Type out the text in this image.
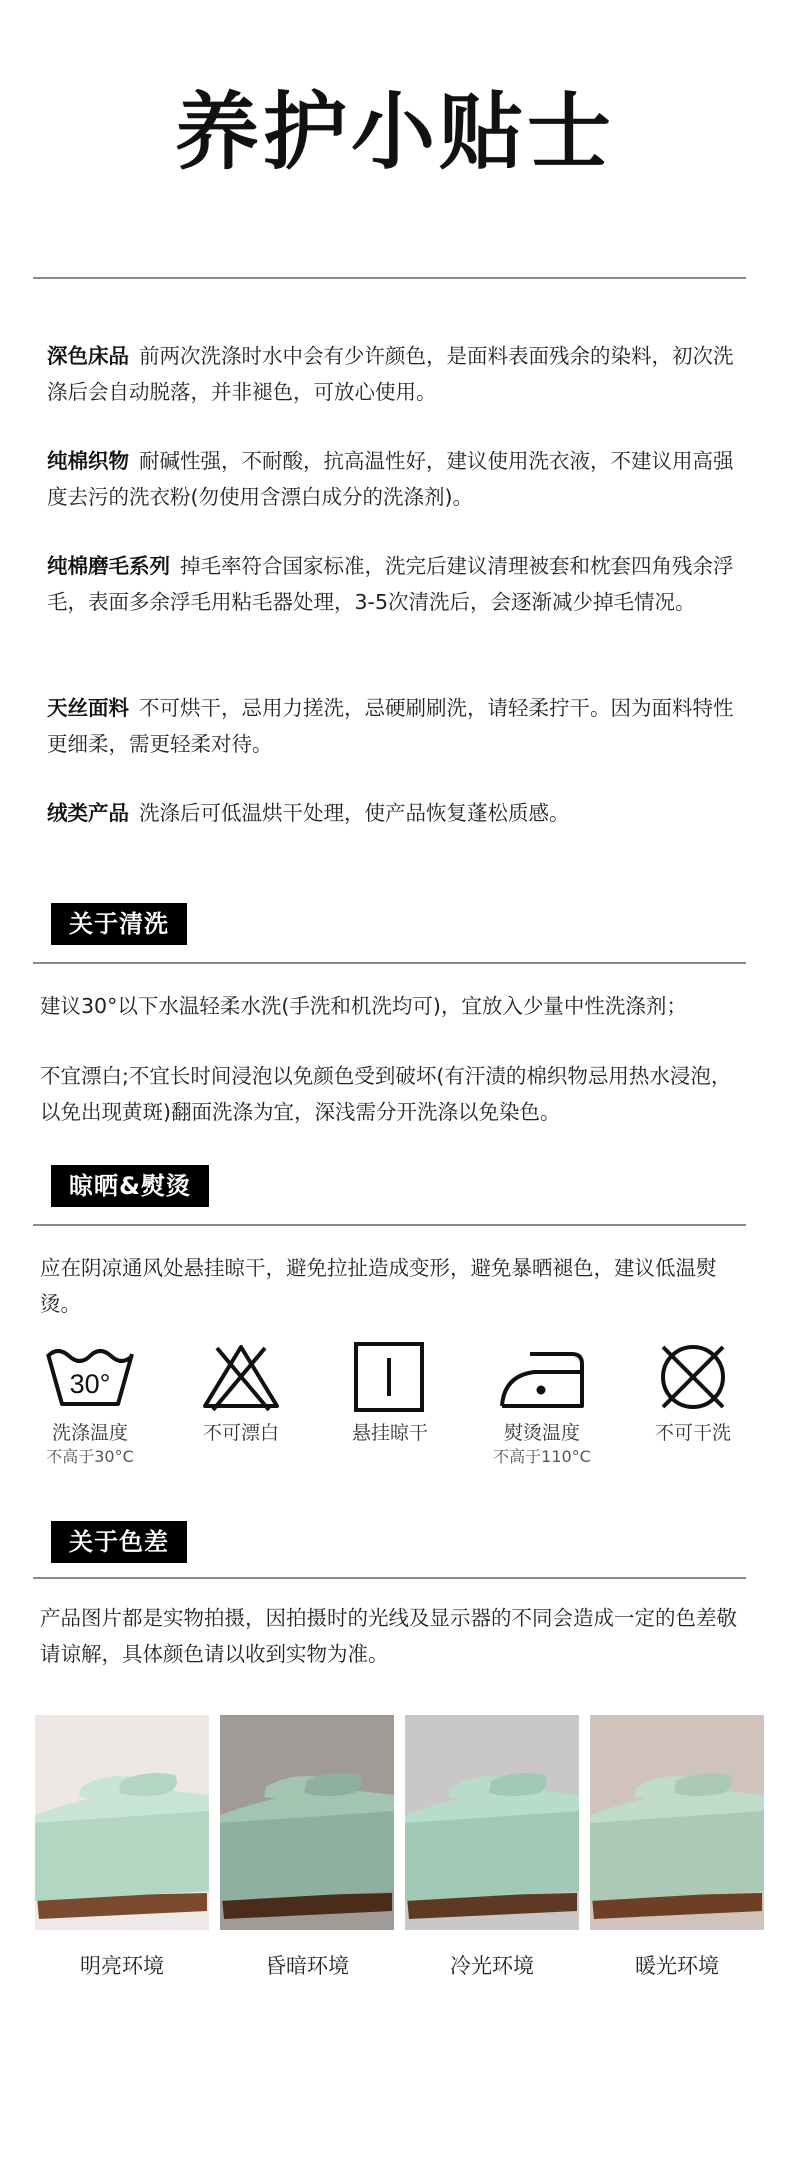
养护小贴士
深色床品 前两次洗涤时水中会有少许颜色，是面料表面残余的染料，初次洗涤后会自动脱落，并非褪色，可放心使用。
纯棉织物 耐碱性强，不耐酸，抗高温性好，建议使用洗衣液，不建议用高强度去污的洗衣粉(勿使用含漂白成分的洗涤剂)。
纯棉磨毛系列 掉毛率符合国家标准，洗完后建议清理被套和枕套四角残余浮毛，表面多余浮毛用粘毛器处理，3-5次清洗后，会逐渐减少掉毛情况。
天丝面料 不可烘干，忌用力搓洗，忌硬刷刷洗，请轻柔拧干。因为面料特性更细柔，需更轻柔对待。
绒类产品 洗涤后可低温烘干处理，使产品恢复蓬松质感。
关于清洗
建议30°以下水温轻柔水洗(手洗和机洗均可)，宜放入少量中性洗涤剂；
不宜漂白;不宜长时间浸泡以免颜色受到破坏(有汗渍的棉织物忌用热水浸泡，以免出现黄斑)翻面洗涤为宜，深浅需分开洗涤以免染色。
晾晒&熨烫
应在阴凉通风处悬挂晾干，避免拉扯造成变形，避免暴晒褪色，建议低温熨烫。
30°
洗涤温度
不高于30°C
不可漂白	悬挂晾干	熨烫温度
不高于110°C
不可干洗
关于色差
产品图片都是实物拍摄，因拍摄时的光线及显示器的不同会造成一定的色差敬请谅解，具体颜色请以收到实物为准。
明亮环境	昏暗环境	冷光环境	暖光环境
